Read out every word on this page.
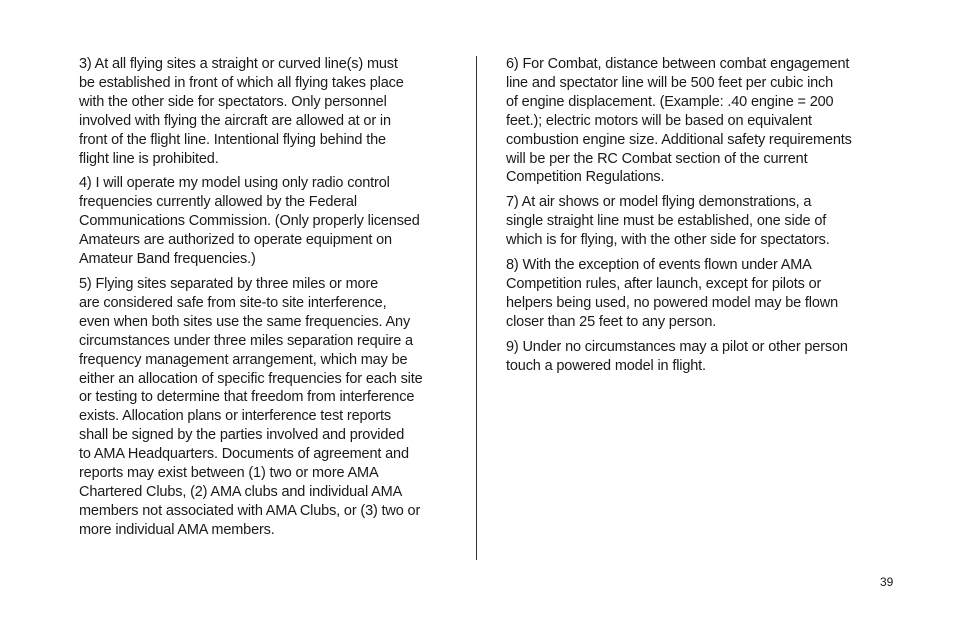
3) At all flying sites a straight or curved line(s) must
be established in front of which all flying takes place
with the other side for spectators. Only personnel
involved with flying the aircraft are allowed at or in
front of the flight line. Intentional flying behind the
flight line is prohibited.

4) I will operate my model using only radio control
frequencies currently allowed by the Federal
Communications Commission. (Only properly licensed
Amateurs are authorized to operate equipment on
Amateur Band frequencies.)

5) Flying sites separated by three miles or more
are considered safe from site-to site interference,
even when both sites use the same frequencies. Any
circumstances under three miles separation require a
frequency management arrangement, which may be
either an allocation of specific frequencies for each site
or testing to determine that freedom from interference
exists. Allocation plans or interference test reports
shall be signed by the parties involved and provided
to AMA Headquarters. Documents of agreement and
reports may exist between (1) two or more AMA
Chartered Clubs, (2) AMA clubs and individual AMA
members not associated with AMA Clubs, or (3) two or
more individual AMA members.

6) For Combat, distance between combat engagement
line and spectator line will be 500 feet per cubic inch
of engine displacement. (Example: .40 engine = 200
feet.); electric motors will be based on equivalent
combustion engine size. Additional safety requirements
will be per the RC Combat section of the current
Competition Regulations.

7) At air shows or model flying demonstrations, a
single straight line must be established, one side of
which is for flying, with the other side for spectators.

8) With the exception of events flown under AMA
Competition rules, after launch, except for pilots or
helpers being used, no powered model may be flown
closer than 25 feet to any person.

9) Under no circumstances may a pilot or other person
touch a powered model in flight.

39
